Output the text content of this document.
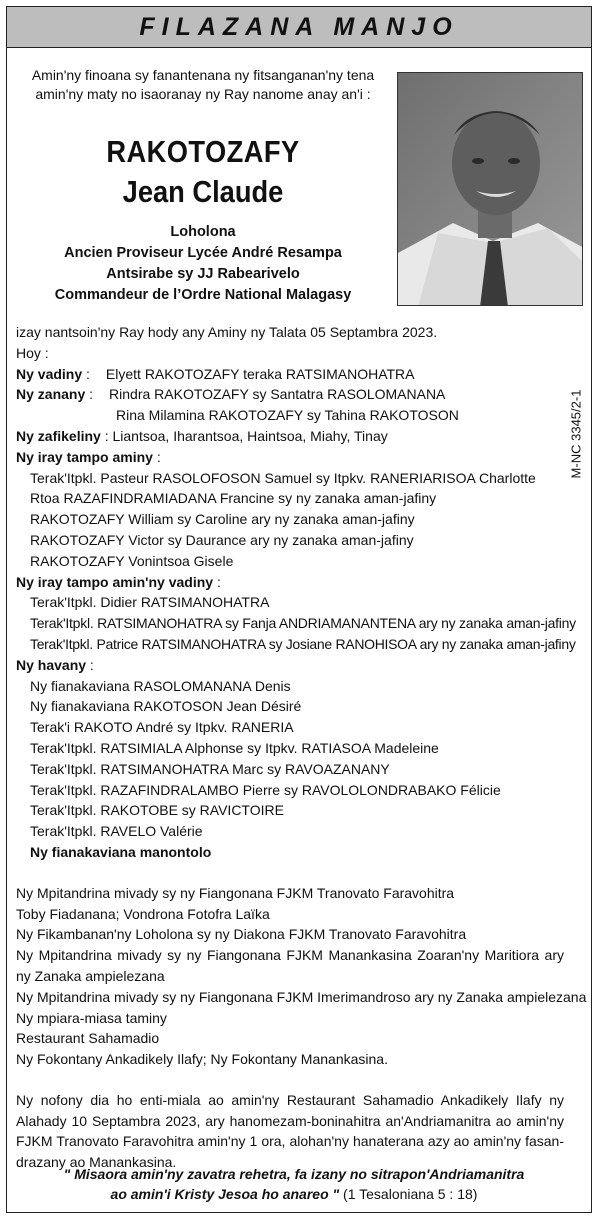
FILAZANA MANJO
Amin'ny finoana sy fanantenana ny fitsanganan'ny tena
amin'ny maty no isaoranay ny Ray nanome anay an'i :
RAKOTOZAFY
Jean Claude
Loholona
Ancien Proviseur Lycée André Resampa
Antsirabe sy JJ Rabearivelo
Commandeur de l’Ordre National Malagasy
M-NC 3345/2-1

izay nantsoin'ny Ray hody any Aminy ny Talata 05 Septambra 2023.

Hoy :

Ny vadiny : Elyett RAKOTOZAFY teraka RATSIMANOHATRA

Ny zanany : Rindra RAKOTOZAFY sy Santatra RASOLOMANANA

Rina Milamina RAKOTOZAFY sy Tahina RAKOTOSON

Ny zafikeliny : Liantsoa, Iharantsoa, Haintsoa, Miahy, Tinay

Ny iray tampo aminy :

Terak'Itpkl. Pasteur RASOLOFOSON Samuel sy Itpkv. RANERIARISOA Charlotte

Rtoa RAZAFINDRAMIADANA Francine sy ny zanaka aman-jafiny

RAKOTOZAFY William sy Caroline ary ny zanaka aman-jafiny

RAKOTOZAFY Victor sy Daurance ary ny zanaka aman-jafiny

RAKOTOZAFY Vonintsoa Gisele

Ny iray tampo amin'ny vadiny :

Terak'Itpkl. Didier RATSIMANOHATRA

Terak'Itpkl. RATSIMANOHATRA sy Fanja ANDRIAMANANTENA ary ny zanaka aman-jafiny

Terak'Itpkl. Patrice RATSIMANOHATRA sy Josiane RANOHISOA ary ny zanaka aman-jafiny

Ny havany :

Ny fianakaviana RASOLOMANANA Denis

Ny fianakaviana RAKOTOSON Jean Désiré

Terak'i RAKOTO André sy Itpkv. RANERIA

Terak'Itpkl. RATSIMIALA Alphonse sy Itpkv. RATIASOA Madeleine

Terak'Itpkl. RATSIMANOHATRA Marc sy RAVOAZANANY

Terak'Itpkl. RAZAFINDRALAMBO Pierre sy RAVOLOLONDRABAKO Félicie

Terak'Itpkl. RAKOTOBE sy RAVICTOIRE

Terak'Itpkl. RAVELO Valérie

Ny fianakaviana manontolo

Ny Mpitandrina mivady sy ny Fiangonana FJKM Tranovato Faravohitra

Toby Fiadanana; Vondrona Fotofra Laïka

Ny Fikambanan'ny Loholona sy ny Diakona FJKM Tranovato Faravohitra

Ny Mpitandrina mivady sy ny Fiangonana FJKM Manankasina Zoaran'ny Maritiora ary ny Zanaka ampielezana

Ny Mpitandrina mivady sy ny Fiangonana FJKM Imerimandroso ary ny Zanaka ampielezana

Ny mpiara-miasa taminy

Restaurant Sahamadio

Ny Fokontany Ankadikely Ilafy; Ny Fokontany Manankasina.

Ny nofony dia ho enti-miala ao amin'ny Restaurant Sahamadio Ankadikely Ilafy ny Alahady 10 Septambra 2023, ary hanomezam-boninahitra an'Andriamanitra ao amin'ny FJKM Tranovato Faravohitra amin'ny 1 ora, alohan'ny hanaterana azy ao amin'ny fasan-drazany ao Manankasina.

" Misaora amin'ny zavatra rehetra, fa izany no sitrapon'Andriamanitra
ao amin'i Kristy Jesoa ho anareo " (1 Tesaloniana 5 : 18)
